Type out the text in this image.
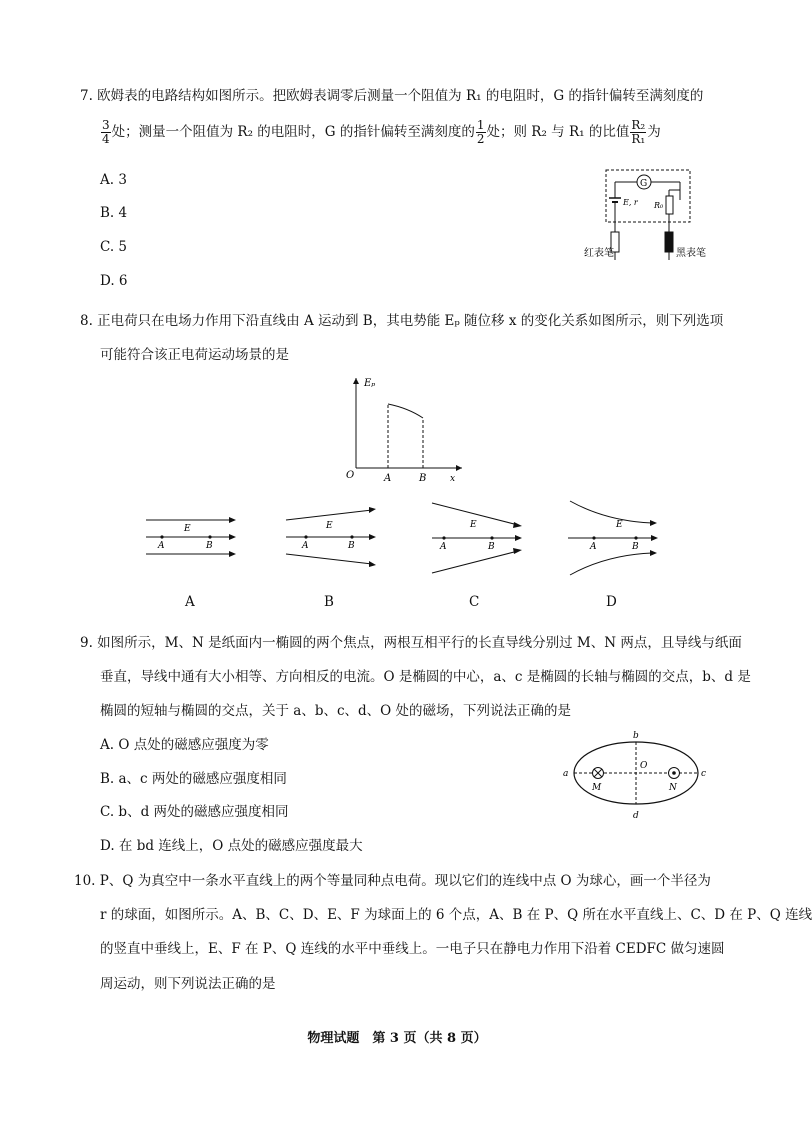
7. 欧姆表的电路结构如图所示。把欧姆表调零后测量一个阻值为 R₁ 的电阻时，G 的指针偏转至满刻度的
$\frac{3}{4}$ 处；测量一个阻值为 R₂ 的电阻时，G 的指针偏转至满刻度的 $\frac{1}{2}$ 处；则 R₂ 与 R₁ 的比值 $\frac{\text{R₂}}{\text{R₁}}$ 为
A. 3
B. 4
C. 5
D. 6
G
E, r R₀
红表笔	黑表笔
8. 正电荷只在电场力作用下沿直线由 A 运动到 B，其电势能 Eₚ 随位移 x 的变化关系如图所示，则下列选项
可能符合该正电荷运动场景的是
Eₚ
x
O	A	B
E
A	B
E
A	B
E
A	B
E
A	B
A	B	C	D
9. 如图所示，M、N 是纸面内一椭圆的两个焦点，两根互相平行的长直导线分别过 M、N 两点，且导线与纸面
垂直，导线中通有大小相等、方向相反的电流。O 是椭圆的中心，a、c 是椭圆的长轴与椭圆的交点，b、d 是
椭圆的短轴与椭圆的交点，关于 a、b、c、d、O 处的磁场，下列说法正确的是
A. O 点处的磁感应强度为零
B. a、c 两处的磁感应强度相同
C. b、d 两处的磁感应强度相同
D. 在 bd 连线上，O 点处的磁感应强度最大
a
b
c
d
O
M	N
10. P、Q 为真空中一条水平直线上的两个等量同种点电荷。现以它们的连线中点 O 为球心，画一个半径为
r 的球面，如图所示。A、B、C、D、E、F 为球面上的 6 个点，A、B 在 P、Q 所在水平直线上、C、D 在 P、Q 连线
的竖直中垂线上，E、F 在 P、Q 连线的水平中垂线上。一电子只在静电力作用下沿着 CEDFC 做匀速圆
周运动，则下列说法正确的是
物理试题　第 3 页（共 8 页）
